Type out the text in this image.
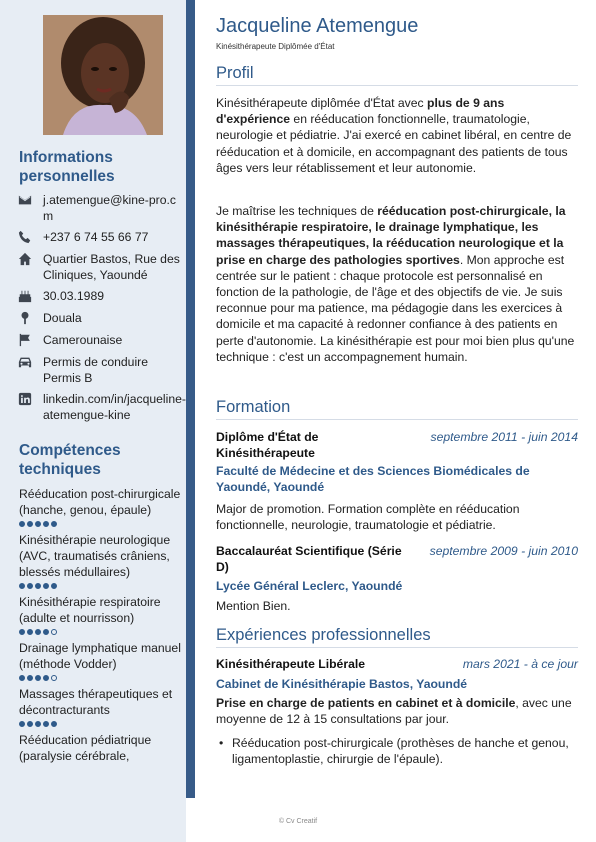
Informations personnelles
j.atemengue@kine-pro.cm
+237 6 74 55 66 77
Quartier Bastos, Rue des Cliniques, Yaoundé
30.03.1989
Douala
Camerounaise
Permis de conduire Permis B
linkedin.com/in/jacqueline-atemengue-kine
Compétences techniques
Rééducation post-chirurgicale (hanche, genou, épaule)
Kinésithérapie neurologique (AVC, traumatisés crâniens, blessés médullaires)
Kinésithérapie respiratoire (adulte et nourrisson)
Drainage lymphatique manuel (méthode Vodder)
Massages thérapeutiques et décontracturants
Rééducation pédiatrique (paralysie cérébrale,
Jacqueline Atemengue
Kinésithérapeute Diplômée d'État
Profil

Kinésithérapeute diplômée d'État avec plus de 9 ans d'expérience en rééducation fonctionnelle, traumatologie, neurologie et pédiatrie. J'ai exercé en cabinet libéral, en centre de rééducation et à domicile, en accompagnant des patients de tous âges vers leur rétablissement et leur autonomie.

Je maîtrise les techniques de rééducation post-chirurgicale, la kinésithérapie respiratoire, le drainage lymphatique, les massages thérapeutiques, la rééducation neurologique et la prise en charge des pathologies sportives. Mon approche est centrée sur le patient : chaque protocole est personnalisé en fonction de la pathologie, de l'âge et des objectifs de vie. Je suis reconnue pour ma patience, ma pédagogie dans les exercices à domicile et ma capacité à redonner confiance à des patients en perte d'autonomie. La kinésithérapie est pour moi bien plus qu'une technique : c'est un accompagnement humain.

Formation
Diplôme d'État de Kinésithérapeute
septembre 2011 - juin 2014
Faculté de Médecine et des Sciences Biomédicales de Yaoundé, Yaoundé
Major de promotion. Formation complète en rééducation fonctionnelle, neurologie, traumatologie et pédiatrie.
Baccalauréat Scientifique (Série D)
septembre 2009 - juin 2010
Lycée Général Leclerc, Yaoundé
Mention Bien.
Expériences professionnelles
Kinésithérapeute Libérale	mars 2021 - à ce jour
Cabinet de Kinésithérapie Bastos, Yaoundé
Prise en charge de patients en cabinet et à domicile, avec une moyenne de 12 à 15 consultations par jour.
• Rééducation post-chirurgicale (prothèses de hanche et genou, ligamentoplastie, chirurgie de l'épaule).
© Cv Creatif
